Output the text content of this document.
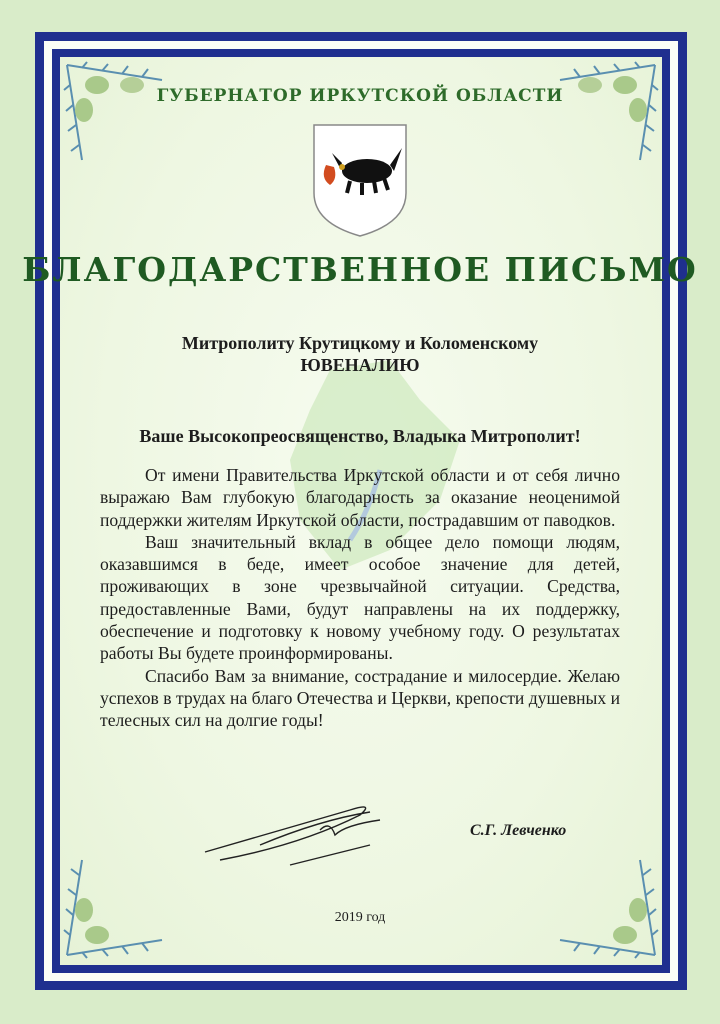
ГУБЕРНАТОР ИРКУТСКОЙ ОБЛАСТИ
БЛАГОДАРСТВЕННОЕ ПИСЬМО
Митрополиту Крутицкому и Коломенскому
ЮВЕНАЛИЮ
Ваше Высокопреосвященство, Владыка Митрополит!

От имени Правительства Иркутской области и от себя лично выражаю Вам глубокую благодарность за оказание неоценимой поддержки жителям Иркутской области, пострадавшим от паводков.

Ваш значительный вклад в общее дело помощи людям, оказавшимся в беде, имеет особое значение для детей, проживающих в зоне чрезвычайной ситуации. Средства, предоставленные Вами, будут направлены на их поддержку, обеспечение и подготовку к новому учебному году. О результатах работы Вы будете проинформированы.

Спасибо Вам за внимание, сострадание и милосердие. Желаю успехов в трудах на благо Отечества и Церкви, крепости душевных и телесных сил на долгие годы!

С.Г. Левченко
2019 год
